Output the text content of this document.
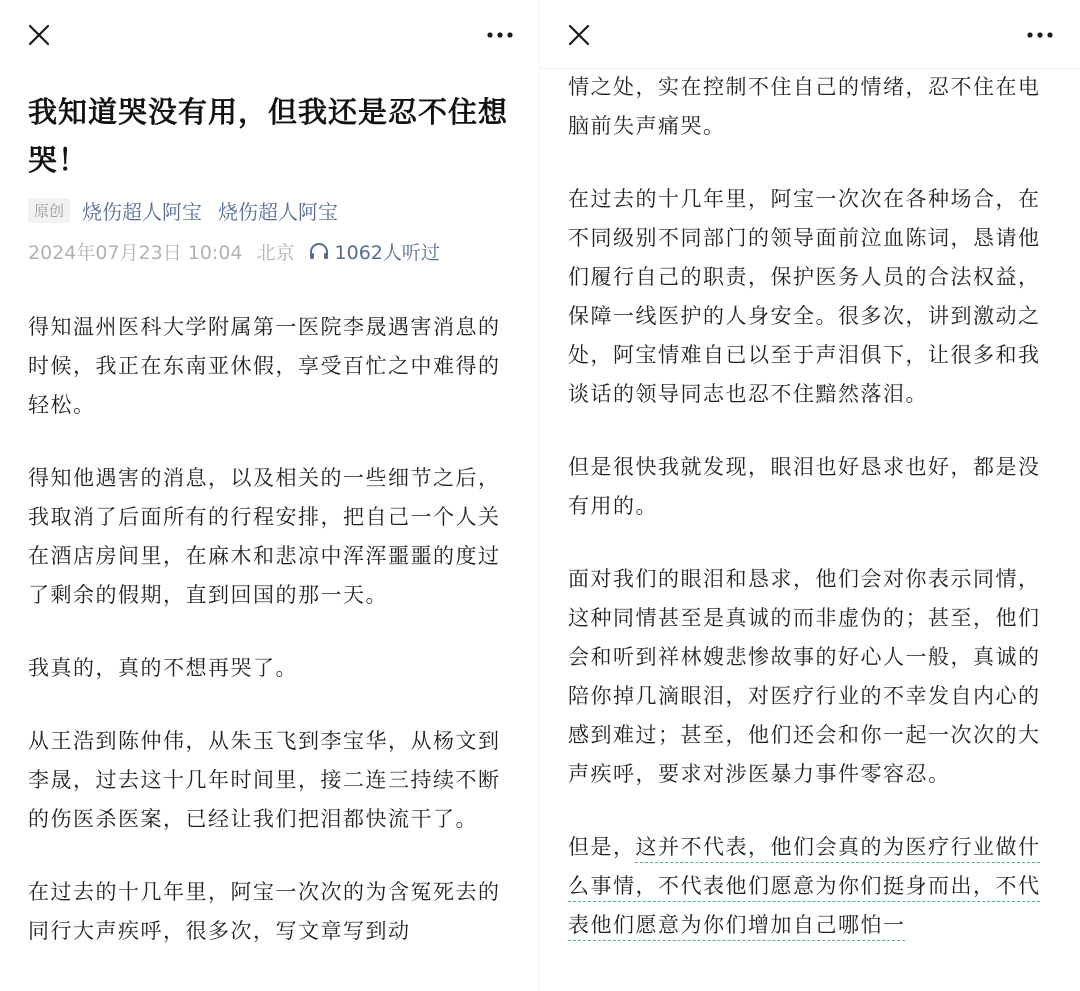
我知道哭没有用，但我还是忍不住想哭！
原创 烧伤超人阿宝 烧伤超人阿宝
2024年07月23日 10:04 北京 1062人听过

得知温州医科大学附属第一医院李晟遇害消息的时候，我正在东南亚休假，享受百忙之中难得的轻松。

得知他遇害的消息，以及相关的一些细节之后，我取消了后面所有的行程安排，把自己一个人关在酒店房间里，在麻木和悲凉中浑浑噩噩的度过了剩余的假期，直到回国的那一天。

我真的，真的不想再哭了。

从王浩到陈仲伟，从朱玉飞到李宝华，从杨文到李晟，过去这十几年时间里，接二连三持续不断的伤医杀医案，已经让我们把泪都快流干了。

在过去的十几年里，阿宝一次次的为含冤死去的同行大声疾呼，很多次，写文章写到动

情之处，实在控制不住自己的情绪，忍不住在电脑前失声痛哭。

在过去的十几年里，阿宝一次次在各种场合，在不同级别不同部门的领导面前泣血陈词，恳请他们履行自己的职责，保护医务人员的合法权益，保障一线医护的人身安全。很多次，讲到激动之处，阿宝情难自已以至于声泪俱下，让很多和我谈话的领导同志也忍不住黯然落泪。

但是很快我就发现，眼泪也好恳求也好，都是没有用的。

面对我们的眼泪和恳求，他们会对你表示同情，这种同情甚至是真诚的而非虚伪的；甚至，他们会和听到祥林嫂悲惨故事的好心人一般，真诚的陪你掉几滴眼泪，对医疗行业的不幸发自内心的感到难过；甚至，他们还会和你一起一次次的大声疾呼，要求对涉医暴力事件零容忍。

但是，这并不代表，他们会真的为医疗行业做什么事情，不代表他们愿意为你们挺身而出，不代表他们愿意为你们增加自己哪怕一
